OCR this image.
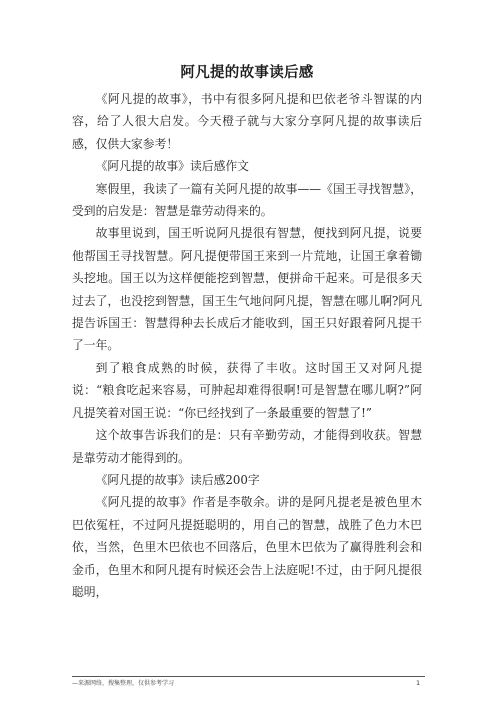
阿凡提的故事读后感

《阿凡提的故事》，书中有很多阿凡提和巴依老爷斗智谋的内容，给了人很大启发。今天橙子就与大家分享阿凡提的故事读后感，仅供大家参考！

《阿凡提的故事》读后感作文

寒假里，我读了一篇有关阿凡提的故事——《国王寻找智慧》，受到的启发是：智慧是靠劳动得来的。

故事里说到，国王听说阿凡提很有智慧，便找到阿凡提，说要他帮国王寻找智慧。阿凡提便带国王来到一片荒地，让国王拿着锄头挖地。国王以为这样便能挖到智慧，便拼命干起来。可是很多天过去了，也没挖到智慧，国王生气地问阿凡提，智慧在哪儿啊?阿凡提告诉国王：智慧得种去长成后才能收到，国王只好跟着阿凡提干了一年。

到了粮食成熟的时候，获得了丰收。这时国王又对阿凡提说：“粮食吃起来容易，可肿起却难得很啊!可是智慧在哪儿啊?”阿凡提笑着对国王说：“你已经找到了一条最重要的智慧了!”

这个故事告诉我们的是：只有辛勤劳动，才能得到收获。智慧是靠劳动才能得到的。

《阿凡提的故事》读后感200字

《阿凡提的故事》作者是李敬余。讲的是阿凡提老是被色里木巴依冤枉，不过阿凡提挺聪明的，用自己的智慧，战胜了色力木巴依，当然，色里木巴依也不回落后，色里木巴依为了赢得胜利会和金币，色里木和阿凡提有时候还会告上法庭呢!不过，由于阿凡提很聪明，

—来源网络，搜集整理，仅供参考学习	1
